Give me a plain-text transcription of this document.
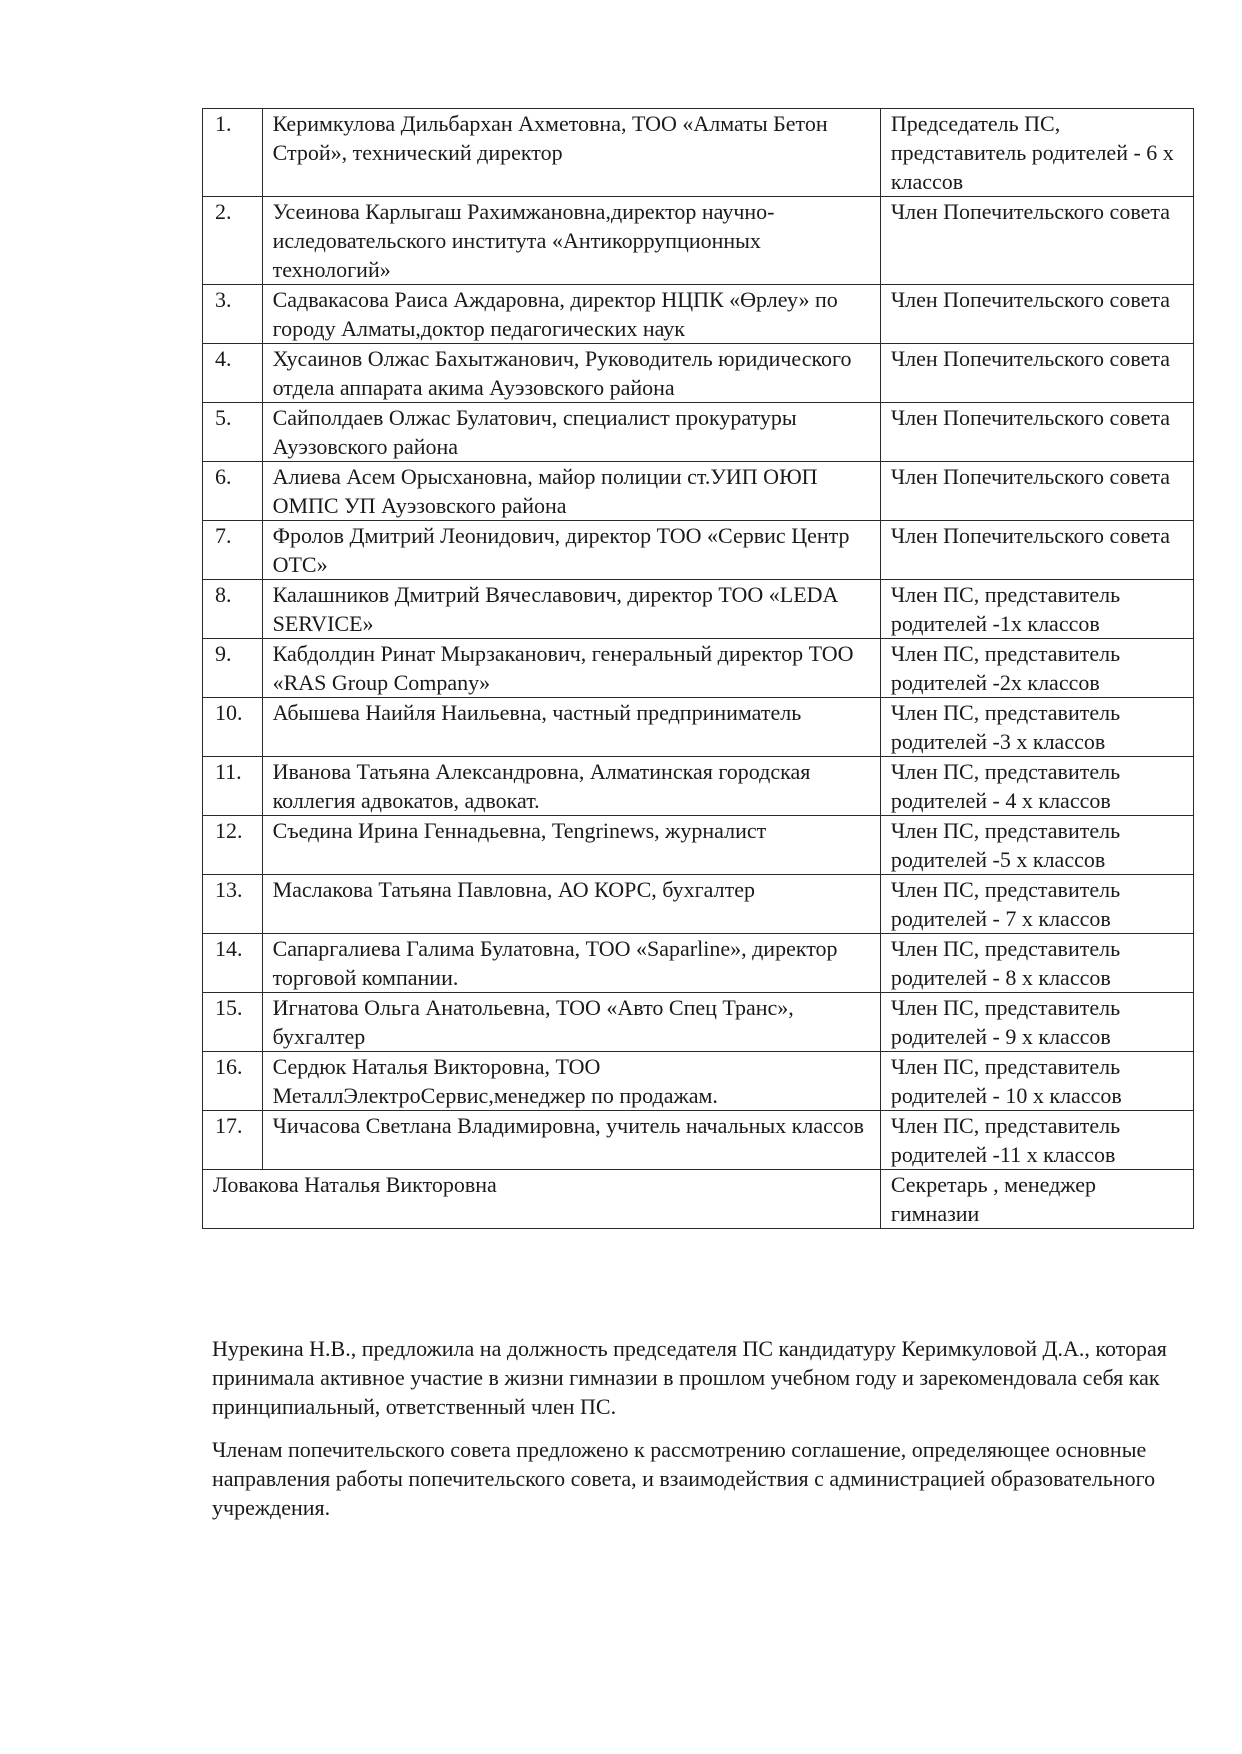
1.	Керимкулова Дильбархан Ахметовна, ТОО «Алматы Бетон Строй», технический директор	Председатель ПС, представитель родителей - 6 х классов
2.	Усеинова Карлыгаш Рахимжановна,директор научно-иследовательского института «Антикоррупционных технологий»	Член Попечительского совета
3.	Садвакасова Раиса Аждаровна, директор НЦПК «Өрлеу» по городу Алматы,доктор педагогических наук	Член Попечительского совета
4.	Хусаинов Олжас Бахытжанович, Руководитель юридического отдела аппарата акима Ауэзовского района	Член Попечительского совета
5.	Сайполдаев Олжас Булатович, специалист прокуратуры Ауэзовского района	Член Попечительского совета
6.	Алиева Асем Орысхановна, майор полиции ст.УИП ОЮП ОМПС УП Ауэзовского района	Член Попечительского совета
7.	Фролов Дмитрий Леонидович, директор ТОО «Сервис Центр ОТС»	Член Попечительского совета
8.	Калашников Дмитрий Вячеславович, директор ТОО «LEDA SERVICE»	Член ПС, представитель родителей -1х классов
9.	Кабдолдин Ринат Мырзаканович, генеральный директор ТОО «RAS Group Company»	Член ПС, представитель родителей -2х классов
10.	Абышева Наийля Наильевна, частный предприниматель	Член ПС, представитель родителей -3 х классов
11.	Иванова Татьяна Александровна, Алматинская городская коллегия адвокатов, адвокат.	Член ПС, представитель родителей - 4 х классов
12.	Съедина Ирина Геннадьевна, Tengrinews, журналист	Член ПС, представитель родителей -5 х классов
13.	Маслакова Татьяна Павловна, АО КОРС, бухгалтер	Член ПС, представитель родителей - 7 х классов
14.	Сапаргалиева Галима Булатовна, ТОО «Saparline», директор торговой компании.	Член ПС, представитель родителей - 8 х классов
15.	Игнатова Ольга Анатольевна, ТОО «Авто Спец Транс», бухгалтер	Член ПС, представитель родителей - 9 х классов
16.	Сердюк Наталья Викторовна, ТОО МеталлЭлектроСервис,менеджер по продажам.	Член ПС, представитель родителей - 10 х классов
17.	Чичасова Светлана Владимировна, учитель начальных классов	Член ПС, представитель родителей -11 х классов
Ловакова Наталья Викторовна		Секретарь , менеджер гимназии

Нурекина Н.В., предложила на должность председателя ПС кандидатуру Керимкуловой Д.А., которая принимала активное участие в жизни гимназии в прошлом учебном году и зарекомендовала себя как принципиальный, ответственный член ПС.

Членам попечительского совета предложено к рассмотрению соглашение, определяющее основные направления работы попечительского совета, и взаимодействия с администрацией образовательного учреждения.
